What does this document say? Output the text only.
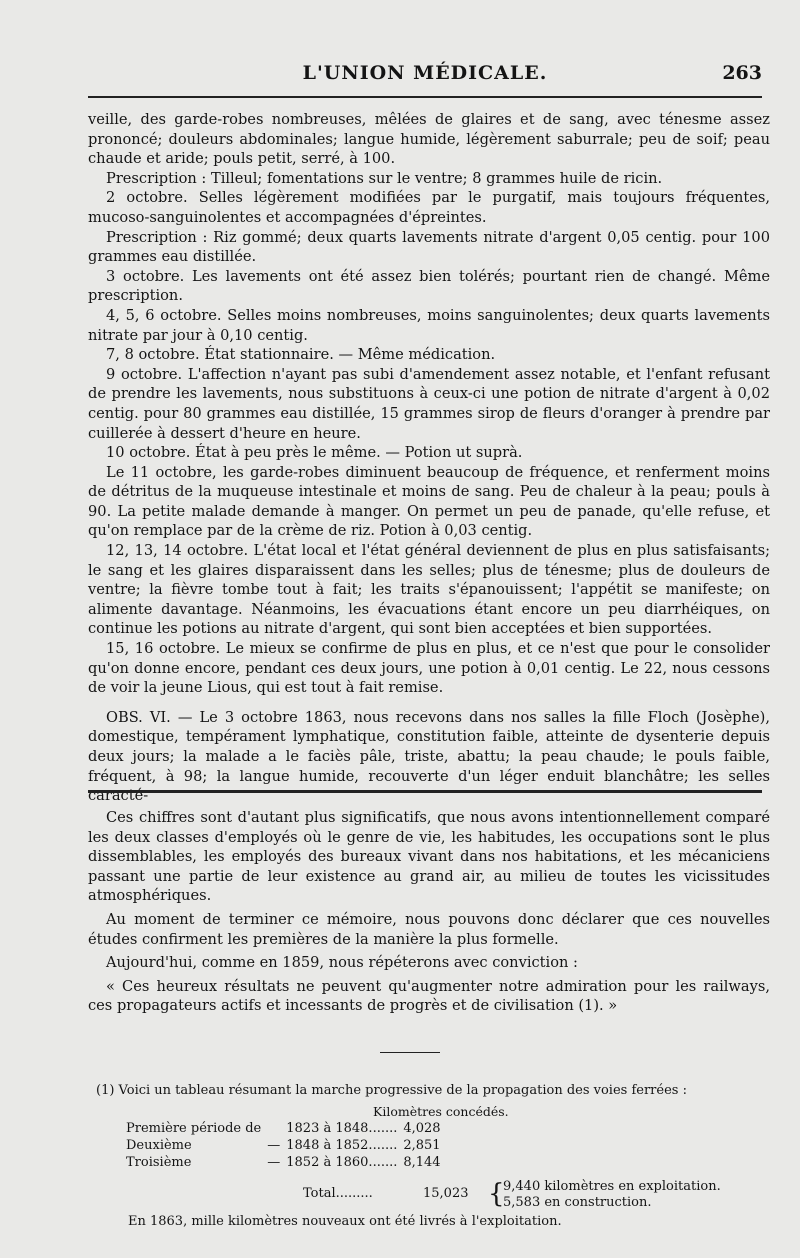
L'UNION MÉDICALE.	263

veille, des garde-robes nombreuses, mêlées de glaires et de sang, avec ténesme assez prononcé; douleurs abdominales; langue humide, légèrement saburrale; peu de soif; peau chaude et aride; pouls petit, serré, à 100.

Prescription : Tilleul; fomentations sur le ventre; 8 grammes huile de ricin.

2 octobre. Selles légèrement modifiées par le purgatif, mais toujours fréquentes, mucoso-sanguinolentes et accompagnées d'épreintes.

Prescription : Riz gommé; deux quarts lavements nitrate d'argent 0,05 centig. pour 100 grammes eau distillée.

3 octobre. Les lavements ont été assez bien tolérés; pourtant rien de changé. Même prescription.

4, 5, 6 octobre. Selles moins nombreuses, moins sanguinolentes; deux quarts lavements nitrate par jour à 0,10 centig.

7, 8 octobre. État stationnaire. — Même médication.

9 octobre. L'affection n'ayant pas subi d'amendement assez notable, et l'enfant refusant de prendre les lavements, nous substituons à ceux-ci une potion de nitrate d'argent à 0,02 centig. pour 80 grammes eau distillée, 15 grammes sirop de fleurs d'oranger à prendre par cuillerée à dessert d'heure en heure.

10 octobre. État à peu près le même. — Potion ut suprà.

Le 11 octobre, les garde-robes diminuent beaucoup de fréquence, et renferment moins de détritus de la muqueuse intestinale et moins de sang. Peu de chaleur à la peau; pouls à 90. La petite malade demande à manger. On permet un peu de panade, qu'elle refuse, et qu'on remplace par de la crème de riz. Potion à 0,03 centig.

12, 13, 14 octobre. L'état local et l'état général deviennent de plus en plus satisfaisants; le sang et les glaires disparaissent dans les selles; plus de ténesme; plus de douleurs de ventre; la fièvre tombe tout à fait; les traits s'épanouissent; l'appétit se manifeste; on alimente davantage. Néanmoins, les évacuations étant encore un peu diarrhéiques, on continue les potions au nitrate d'argent, qui sont bien acceptées et bien supportées.

15, 16 octobre. Le mieux se confirme de plus en plus, et ce n'est que pour le consolider qu'on donne encore, pendant ces deux jours, une potion à 0,01 centig. Le 22, nous cessons de voir la jeune Lious, qui est tout à fait remise.

OBS. VI. — Le 3 octobre 1863, nous recevons dans nos salles la fille Floch (Josèphe), domestique, tempérament lymphatique, constitution faible, atteinte de dysenterie depuis deux jours; la malade a le faciès pâle, triste, abattu; la peau chaude; le pouls faible, fréquent, à 98; la langue humide, recouverte d'un léger enduit blanchâtre; les selles caracté-

Ces chiffres sont d'autant plus significatifs, que nous avons intentionnellement comparé les deux classes d'employés où le genre de vie, les habitudes, les occupations sont le plus dissemblables, les employés des bureaux vivant dans nos habitations, et les mécaniciens passant une partie de leur existence au grand air, au milieu de toutes les vicissitudes atmosphériques.

Au moment de terminer ce mémoire, nous pouvons donc déclarer que ces nouvelles études confirment les premières de la manière la plus formelle.

Aujourd'hui, comme en 1859, nous répéterons avec conviction :

« Ces heureux résultats ne peuvent qu'augmenter notre admiration pour les railways, ces propagateurs actifs et incessants de progrès et de civilisation (1). »

(1) Voici un tableau résumant la marche progressive de la propagation des voies ferrées :

Kilomètres concédés.
Première période de		1823 à 1848.......	4,028
Deuxième	—	1848 à 1852.......	2,851
Troisième	—	1852 à 1860.......	8,144
Total.........	15,023 {
9,440 kilomètres en exploitation.
5,583 en construction.

En 1863, mille kilomètres nouveaux ont été livrés à l'exploitation.
